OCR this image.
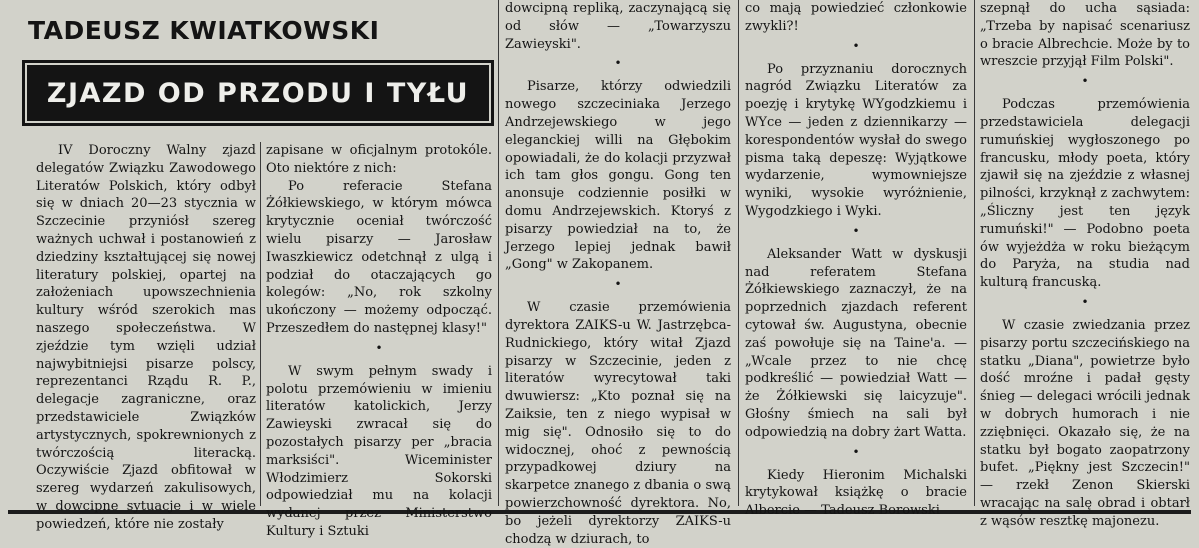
TADEUSZ KWIATKOWSKI
ZJAZD OD PRZODU I TYŁU

IV Doroczny Walny zjazd delegatów Związku Zawodowego Literatów Polskich, który odbył się w dniach 20—23 stycznia w Szczecinie przyniósł szereg ważnych uchwał i postanowień z dziedziny kształtującej się nowej literatury polskiej, opartej na założeniach upowszechnienia kultury wśród szerokich mas naszego społeczeństwa. W zjeździe tym wzięli udział najwybitniejsi pisarze polscy, reprezentanci Rządu R. P., delegacje zagraniczne, oraz przedstawiciele Związków artystycznych, spokrewnionych z twórczością literacką. Oczywiście Zjazd obfitował w szereg wydarzeń zakulisowych, w dowcipne sytuacje i w wiele powiedzeń, które nie zostały

zapisane w oficjalnym protokóle. Oto niektóre z nich:

Po referacie Stefana Żółkiewskiego, w którym mówca krytycznie oceniał twórczość wielu pisarzy — Jarosław Iwaszkiewicz odetchnął z ulgą i podział do otaczających go kolegów: „No, rok szkolny ukończony — możemy odpocząć. Przeszedłem do następnej klasy!"

•

W swym pełnym swady i polotu przemówieniu w imieniu literatów katolickich, Jerzy Zawieyski zwracał się do pozostałych pisarzy per „bracia marksiści". Wiceminister Włodzimierz Sokorski odpowiedział mu na kolacji wydanej przez Ministerstwo Kultury i Sztuki

dowcipną repliką, zaczynającą się od słów — „Towarzyszu Zawieyski".

•

Pisarze, którzy odwiedzili nowego szczeciniaka Jerzego Andrzejewskiego w jego eleganckiej willi na Głębokim opowiadali, że do kolacji przyzwał ich tam głos gongu. Gong ten anonsuje codziennie posiłki w domu Andrzejewskich. Ktoryś z pisarzy powiedział na to, że Jerzego lepiej jednak bawił „Gong" w Zakopanem.

•

W czasie przemówienia dyrektora ZAIKS-u W. Jastrzębca-Rudnickiego, który witał Zjazd pisarzy w Szczecinie, jeden z literatów wyrecytował taki dwuwiersz: „Kto poznał się na Zaiksie, ten z niego wypisał w mig się". Odnosiło się to do widocznej, ohoć z pewnością przypadkowej dziury na skarpetce znanego z dbania o swą powierzchowność dyrektora. No, bo jeżeli dyrektorzy ZAIKS-u chodzą w dziurach, to

co mają powiedzieć członkowie zwykli?!

•

Po przyznaniu dorocznych nagród Związku Literatów za poezję i krytykę WYgodzkiemu i WYce — jeden z dziennikarzy — korespondentów wysłał do swego pisma taką depeszę: Wyjątkowe wydarzenie, wymowniejsze wyniki, wysokie wyróżnienie, Wygodzkiego i Wyki.

•

Aleksander Watt w dyskusji nad referatem Stefana Żółkiewskiego zaznaczył, że na poprzednich zjazdach referent cytował św. Augustyna, obecnie zaś powołuje się na Taine'a. — „Wcale przez to nie chcę podkreślić — powiedział Watt — że Żółkiewski się laicyzuje". Głośny śmiech na sali był odpowiedzią na dobry żart Watta.

•

Kiedy Hieronim Michalski krytykował książkę o bracie Albercie — Tadeusz Borowski

szepnął do ucha sąsiada: „Trzeba by napisać scenariusz o bracie Albrechcie. Może by to wreszcie przyjął Film Polski".

•

Podczas przemówienia przedstawiciela delegacji rumuńskiej wygłoszonego po francusku, młody poeta, który zjawił się na zjeździe z własnej pilności, krzyknął z zachwytem: „Śliczny jest ten język rumuński!" — Podobno poeta ów wyjeżdża w roku bieżącym do Paryża, na studia nad kulturą francuską.

•

W czasie zwiedzania przez pisarzy portu szczecińskiego na statku „Diana", powietrze było dość mroźne i padał gęsty śnieg — delegaci wrócili jednak w dobrych humorach i nie zziębnięci. Okazało się, że na statku był bogato zaopatrzony bufet. „Piękny jest Szczecin!" — rzekł Zenon Skierski wracając na salę obrad i obtarł z wąsów resztkę majonezu.
